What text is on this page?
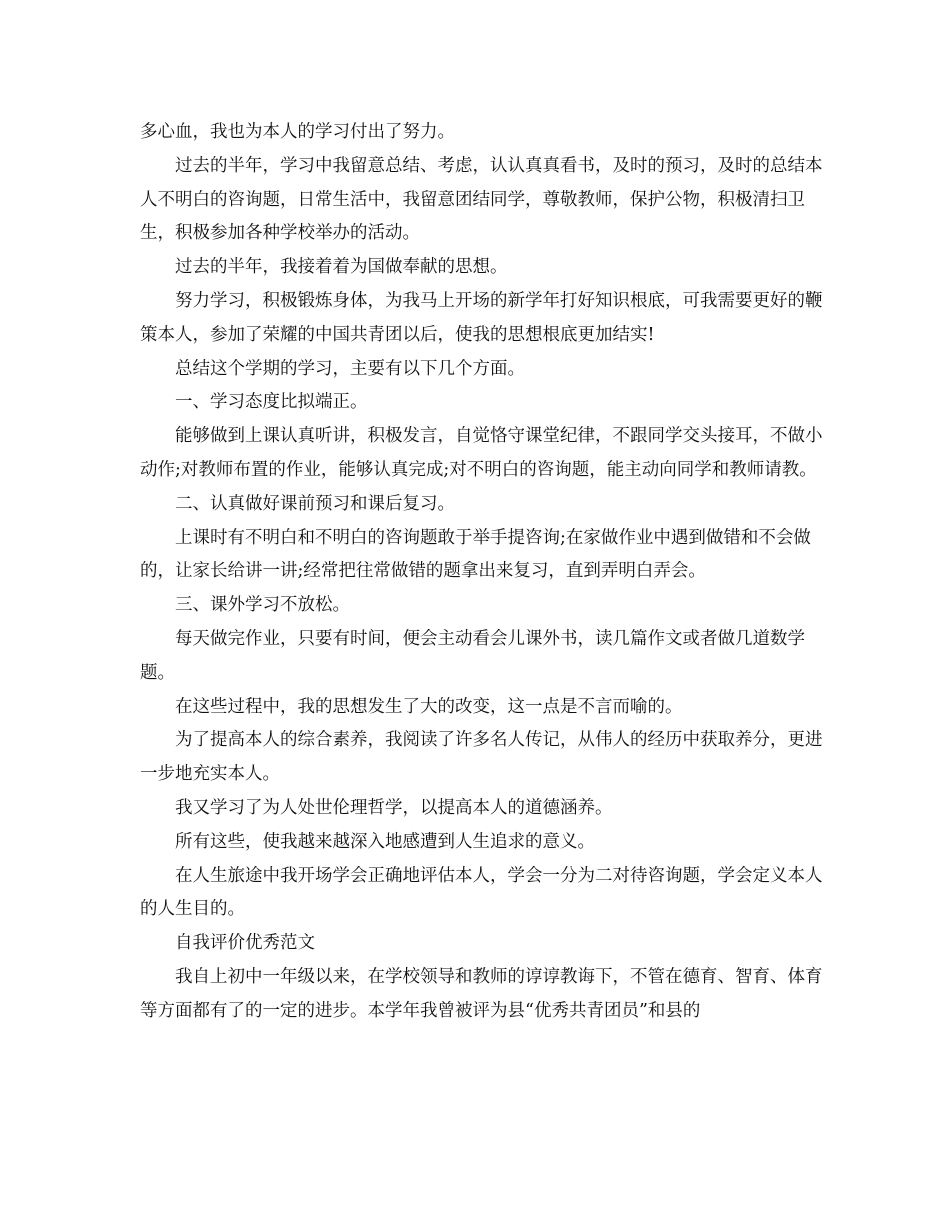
多心血，我也为本人的学习付出了努力。

过去的半年，学习中我留意总结、考虑，认认真真看书，及时的预习，及时的总结本人不明白的咨询题，日常生活中，我留意团结同学，尊敬教师，保护公物，积极清扫卫生，积极参加各种学校举办的活动。

过去的半年，我接着着为国做奉献的思想。

努力学习，积极锻炼身体，为我马上开场的新学年打好知识根底，可我需要更好的鞭策本人，参加了荣耀的中国共青团以后，使我的思想根底更加结实!

总结这个学期的学习，主要有以下几个方面。

一、学习态度比拟端正。

能够做到上课认真听讲，积极发言，自觉恪守课堂纪律，不跟同学交头接耳，不做小动作;对教师布置的作业，能够认真完成;对不明白的咨询题，能主动向同学和教师请教。

二、认真做好课前预习和课后复习。

上课时有不明白和不明白的咨询题敢于举手提咨询;在家做作业中遇到做错和不会做的，让家长给讲一讲;经常把往常做错的题拿出来复习，直到弄明白弄会。

三、课外学习不放松。

每天做完作业，只要有时间，便会主动看会儿课外书，读几篇作文或者做几道数学题。

在这些过程中，我的思想发生了大的改变，这一点是不言而喻的。

为了提高本人的综合素养，我阅读了许多名人传记，从伟人的经历中获取养分，更进一步地充实本人。

我又学习了为人处世伦理哲学，以提高本人的道德涵养。

所有这些，使我越来越深入地感遭到人生追求的意义。

在人生旅途中我开场学会正确地评估本人，学会一分为二对待咨询题，学会定义本人的人生目的。

自我评价优秀范文

我自上初中一年级以来，在学校领导和教师的谆谆教诲下，不管在德育、智育、体育等方面都有了的一定的进步。本学年我曾被评为县“优秀共青团员”和县的
